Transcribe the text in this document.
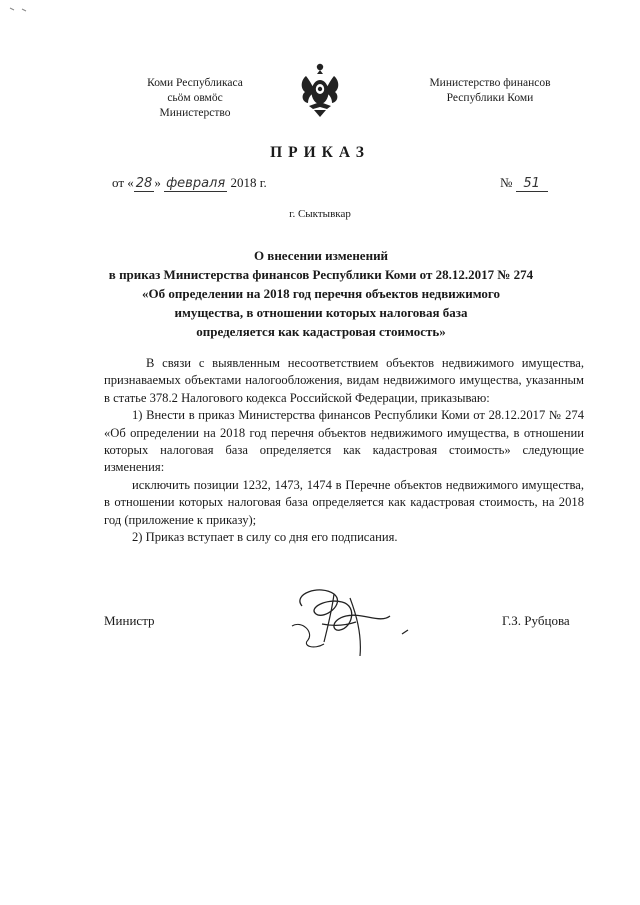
Коми Республикаса
сьӧм овмӧс
Министерство
Министерство финансов
Республики Коми
ПРИКАЗ
от « 28 » февраля 2018 г.	№ 51
г. Сыктывкар
О внесении изменений
в приказ Министерства финансов Республики Коми от 28.12.2017 № 274
«Об определении на 2018 год перечня объектов недвижимого
имущества, в отношении которых налоговая база
определяется как кадастровая стоимость»

В связи с выявленным несоответствием объектов недвижимого имущества, признаваемых объектами налогообложения, видам недвижимого имущества, указанным в статье 378.2 Налогового кодекса Российской Федерации, приказываю:

1) Внести в приказ Министерства финансов Республики Коми от 28.12.2017 № 274 «Об определении на 2018 год перечня объектов недвижимого имущества, в отношении которых налоговая база определяется как кадастровая стоимость» следующие изменения:

исключить позиции 1232, 1473, 1474 в Перечне объектов недвижимого имущества, в отношении которых налоговая база определяется как кадастровая стоимость, на 2018 год (приложение к приказу);

2) Приказ вступает в силу со дня его подписания.

Министр	Г.З. Рубцова
